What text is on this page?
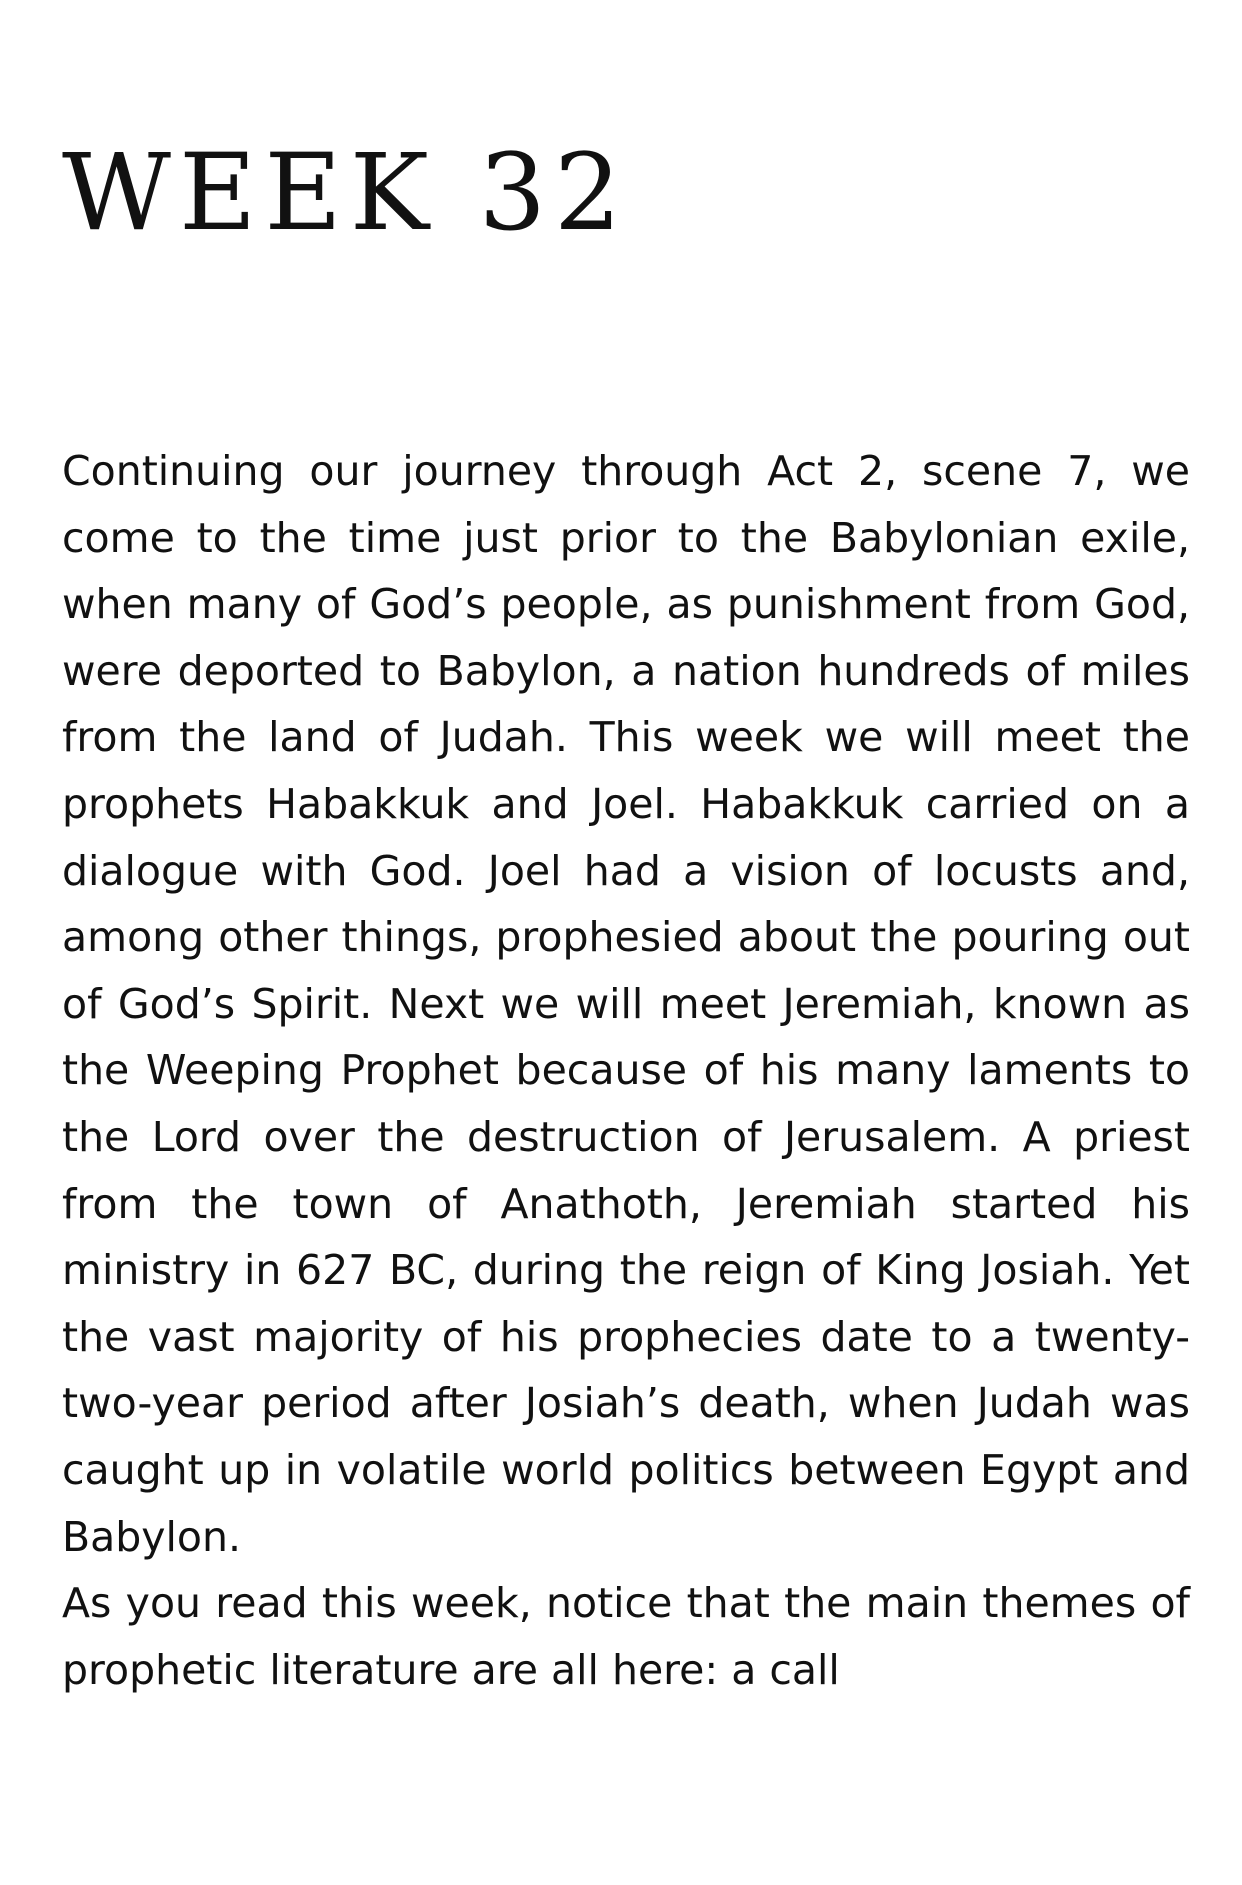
WEEK 32

Continuing our journey through Act 2, scene 7, we come to the time just prior to the Babylonian exile, when many of God’s people, as punishment from God, were deported to Babylon, a nation hundreds of miles from the land of Judah. This week we will meet the prophets Habakkuk and Joel. Habakkuk carried on a dialogue with God. Joel had a vision of locusts and, among other things, prophesied about the pouring out of God’s Spirit. Next we will meet Jeremiah, known as the Weeping Prophet because of his many laments to the Lord over the destruction of Jerusalem. A priest from the town of Anathoth, Jeremiah started his ministry in 627 BC, during the reign of King Josiah. Yet the vast majority of his prophecies date to a twenty-two-year period after Josiah’s death, when Judah was caught up in volatile world politics between Egypt and Babylon.

As you read this week, notice that the main themes of prophetic literature are all here: a call
